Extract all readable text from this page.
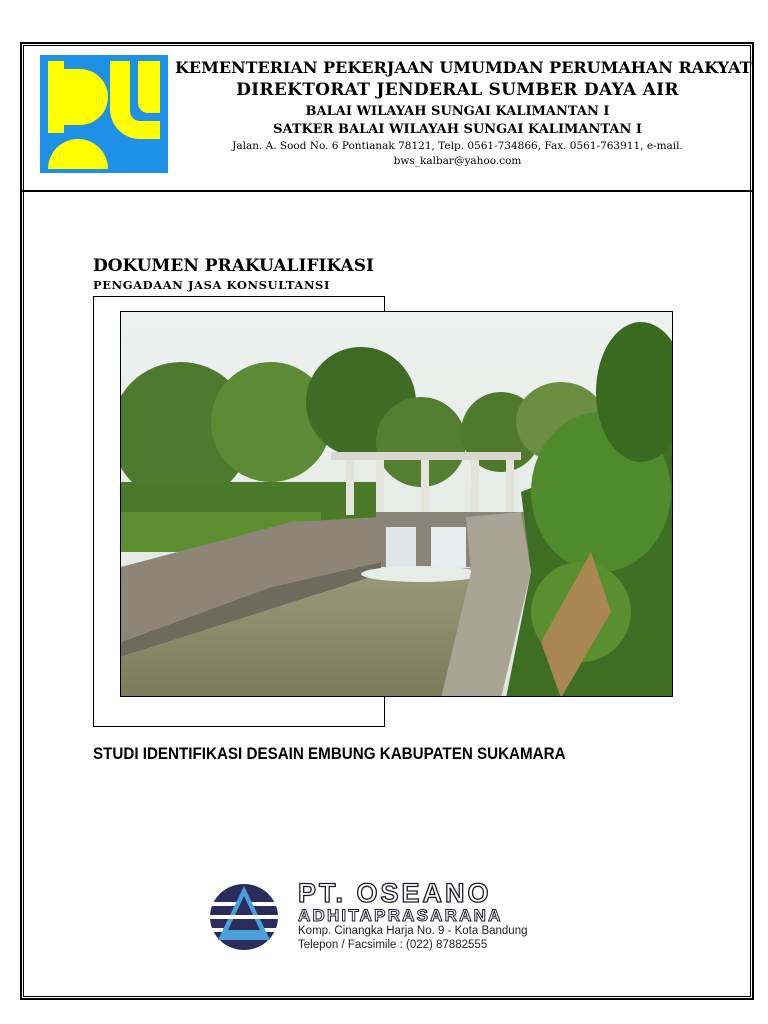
KEMENTERIAN PEKERJAAN UMUMDAN PERUMAHAN RAKYAT
DIREKTORAT JENDERAL SUMBER DAYA AIR
BALAI WILAYAH SUNGAI KALIMANTAN I
SATKER BALAI WILAYAH SUNGAI KALIMANTAN I
Jalan. A. Sood No. 6 Pontianak 78121, Telp. 0561-734866, Fax. 0561-763911, e-mail.
bws_kalbar@yahoo.com
DOKUMEN PRAKUALIFIKASI
PENGADAAN JASA KONSULTANSI
STUDI IDENTIFIKASI DESAIN EMBUNG KABUPATEN SUKAMARA
PT. OSEANO
ADHITAPRASARANA
Komp. Cinangka Harja No. 9 - Kota Bandung
Telepon / Facsimile : (022) 87882555
